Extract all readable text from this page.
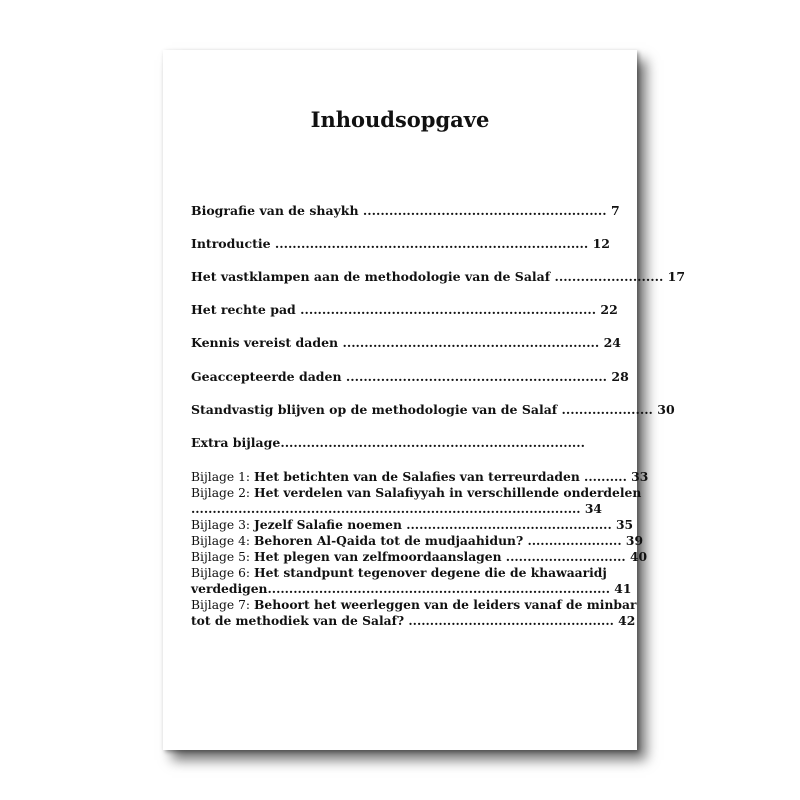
Inhoudsopgave
Biografie van de shaykh ........................................................ 7
Introductie ........................................................................ 12
Het vastklampen aan de methodologie van de Salaf ......................... 17
Het rechte pad .................................................................... 22
Kennis vereist daden ........................................................... 24
Geaccepteerde daden ............................................................ 28
Standvastig blijven op de methodologie van de Salaf ..................... 30
Extra bijlage......................................................................
Bijlage 1: Het betichten van de Salafies van terreurdaden .......... 33
Bijlage 2: Het verdelen van Salafiyyah in verschillende onderdelen
........................................................................................... 34
Bijlage 3: Jezelf Salafie noemen ................................................ 35
Bijlage 4: Behoren Al-Qaida tot de mudjaahidun? ...................... 39
Bijlage 5: Het plegen van zelfmoordaanslagen ............................ 40
Bijlage 6: Het standpunt tegenover degene die de khawaaridj
verdedigen................................................................................ 41
Bijlage 7: Behoort het weerleggen van de leiders vanaf de minbar
tot de methodiek van de Salaf? ................................................ 42
